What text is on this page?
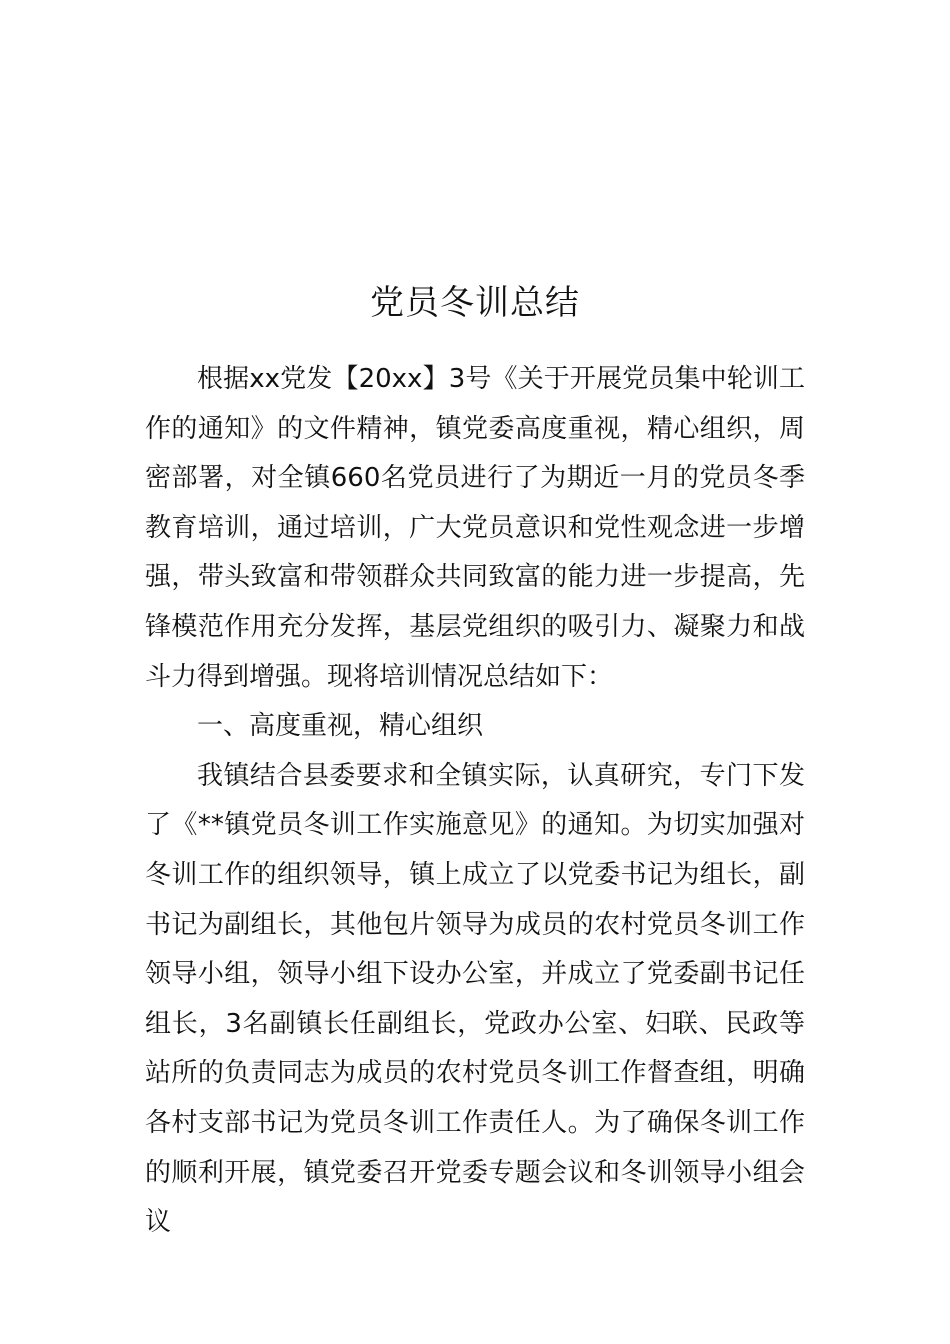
党员冬训总结

根据xx党发【20xx】3号《关于开展党员集中轮训工作的通知》的文件精神，镇党委高度重视，精心组织，周密部署，对全镇660名党员进行了为期近一月的党员冬季教育培训，通过培训，广大党员意识和党性观念进一步增强，带头致富和带领群众共同致富的能力进一步提高，先锋模范作用充分发挥，基层党组织的吸引力、凝聚力和战斗力得到增强。现将培训情况总结如下：

一、高度重视，精心组织

我镇结合县委要求和全镇实际，认真研究，专门下发了《**镇党员冬训工作实施意见》的通知。为切实加强对冬训工作的组织领导，镇上成立了以党委书记为组长，副书记为副组长，其他包片领导为成员的农村党员冬训工作领导小组，领导小组下设办公室，并成立了党委副书记任组长，3名副镇长任副组长，党政办公室、妇联、民政等站所的负责同志为成员的农村党员冬训工作督查组，明确各村支部书记为党员冬训工作责任人。为了确保冬训工作的顺利开展，镇党委召开党委专题会议和冬训领导小组会议
